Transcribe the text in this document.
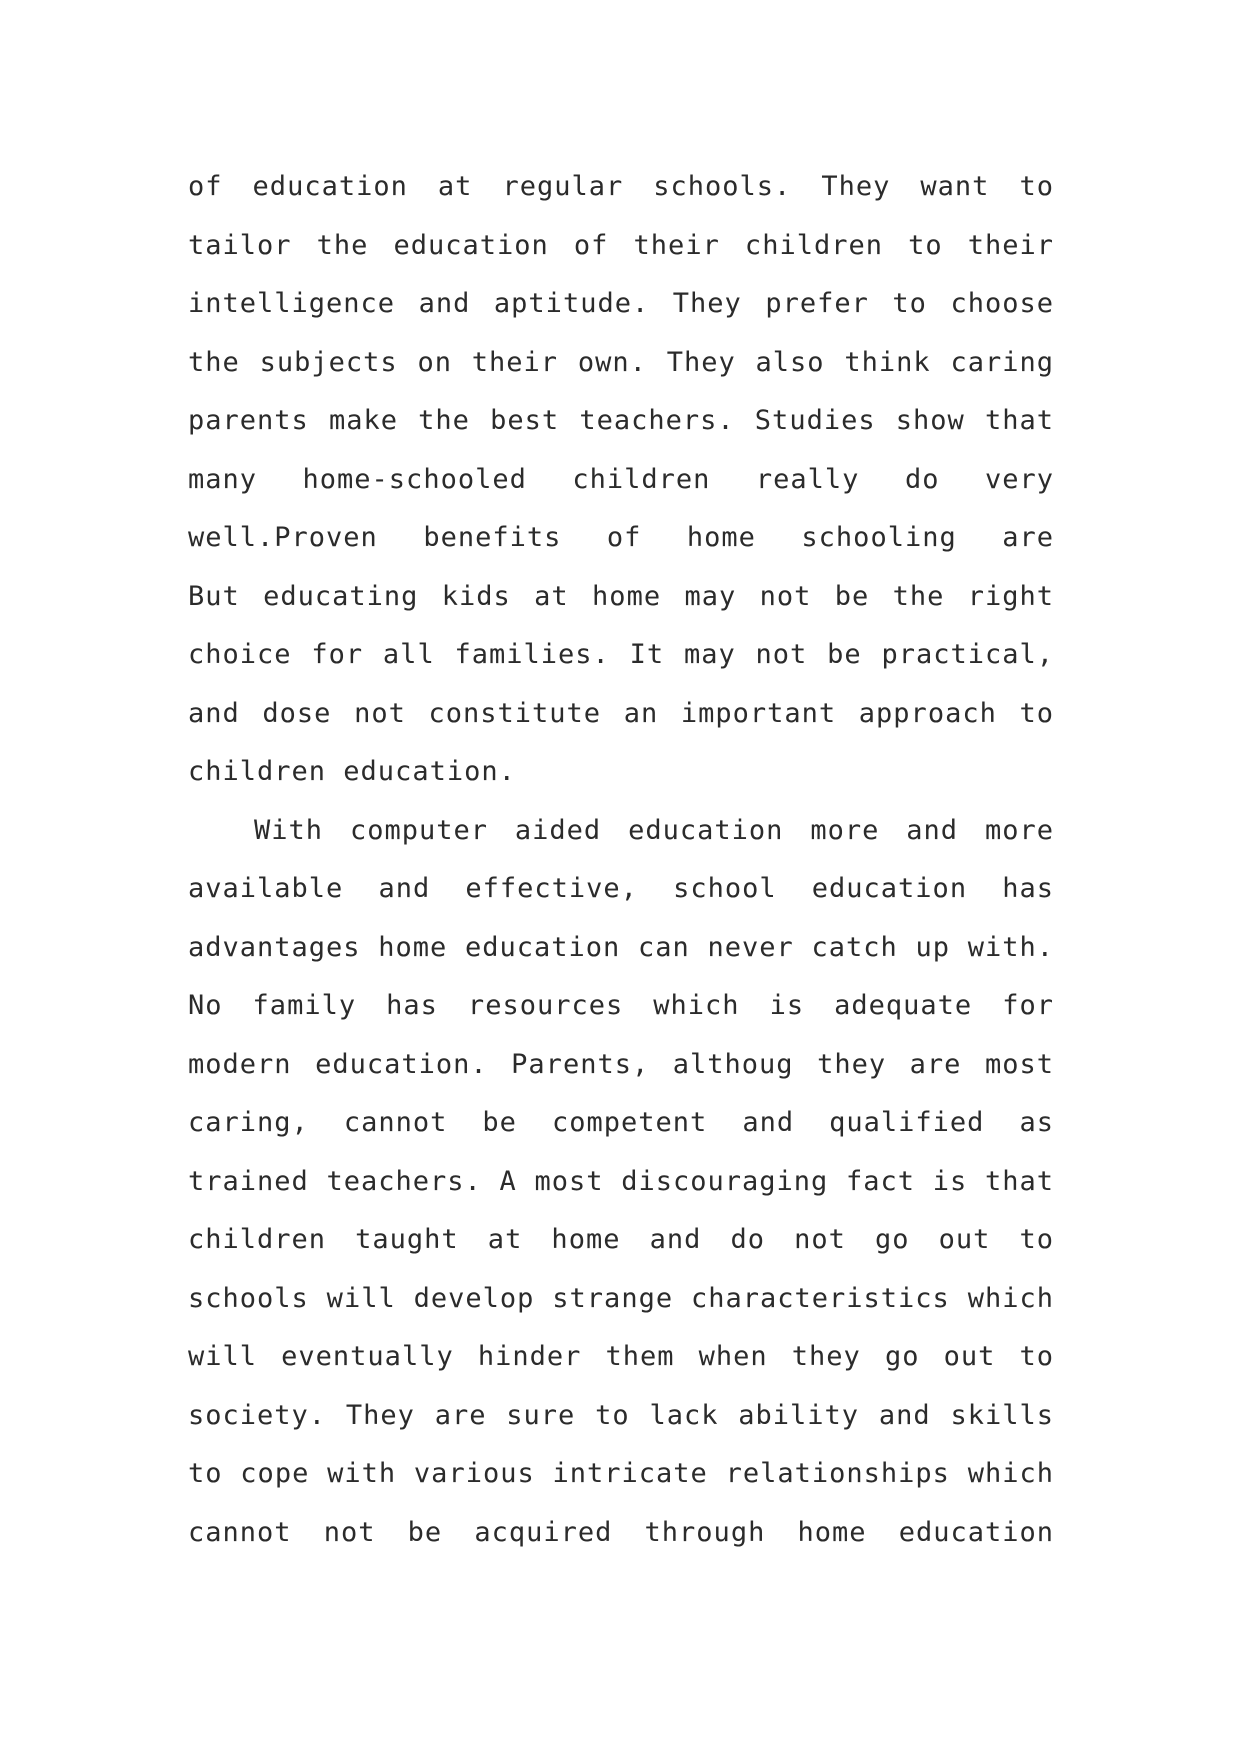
of education at regular schools. They want to
tailor the education of their children to their
intelligence and aptitude. They prefer to choose
the subjects on their own. They also think caring
parents make the best teachers. Studies show that
many home-schooled children really do very
well.Proven benefits of home schooling are
But educating kids at home may not be the right
choice for all families. It may not be practical,
and dose not constitute an important approach to
children education.
With computer aided education more and more
available and effective, school education has
advantages home education can never catch up with.
No family has resources which is adequate for
modern education. Parents, althoug they are most
caring, cannot be competent and qualified as
trained teachers. A most discouraging fact is that
children taught at home and do not go out to
schools will develop strange characteristics which
will eventually hinder them when they go out to
society. They are sure to lack ability and skills
to cope with various intricate relationships which
cannot not be acquired through home education
